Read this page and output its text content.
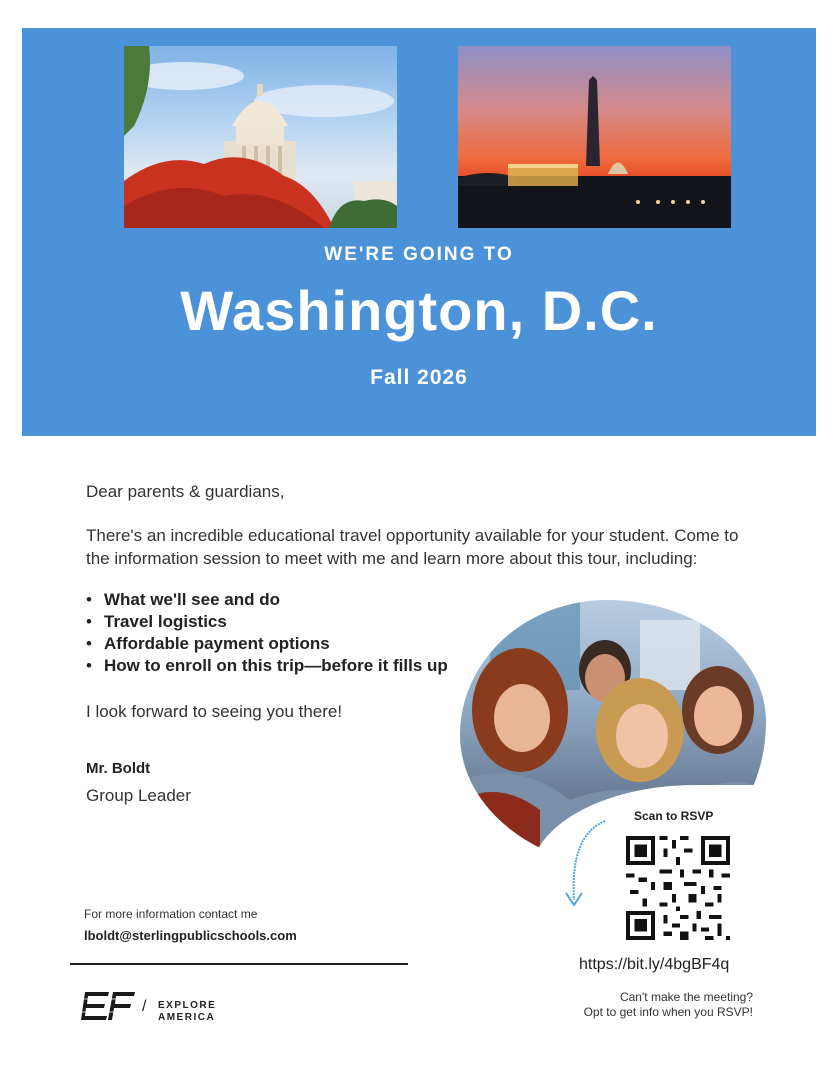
WE'RE GOING TO
Washington, D.C.
Fall 2026
Dear parents & guardians,
There's an incredible educational travel opportunity available for your student. Come to the information session to meet with me and learn more about this tour, including:
• What we'll see and do
• Travel logistics
• Affordable payment options
• How to enroll on this trip—before it fills up
I look forward to seeing you there!
Mr. Boldt
Group Leader
Scan to RSVP
https://bit.ly/4bgBF4q
Can't make the meeting?
Opt to get info when you RSVP!
For more information contact me
lboldt@sterlingpublicschools.com
/ EXPLORE
AMERICA
